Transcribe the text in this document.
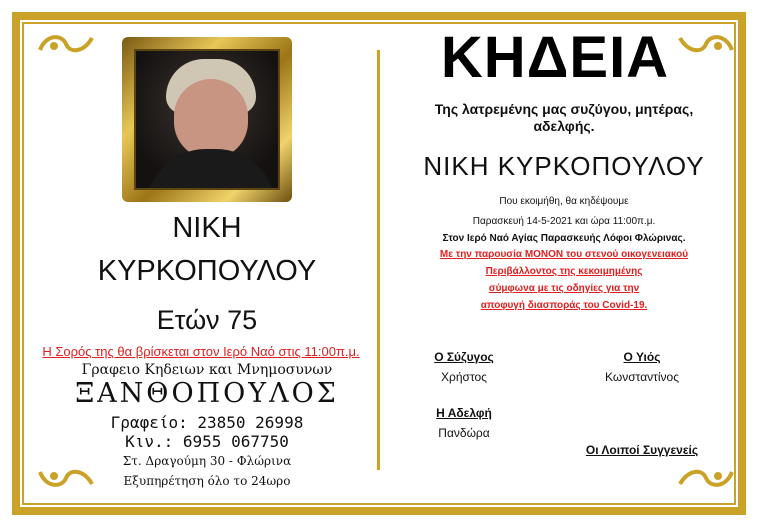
ΝΙΚΗ

ΚΥΡΚΟΠΟΥΛΟΥ

Ετών 75

Η Σορός της θα βρίσκεται στον Ιερό Ναό στις 11:00π.μ.

Γραφειο Κηδειων και Μνημοσυνων

ΞΑΝΘΟΠΟΥΛΟΣ

Γραφείο: 23850 26998

Κιν.: 6955 067750

Στ. Δραγούμη 30 - Φλώρινα

Εξυπηρέτηση όλο το 24ωρο

ΚΗΔΕΙΑ

Της λατρεμένης μας συζύγου, μητέρας,

αδελφής.

ΝΙΚΗ ΚΥΡΚΟΠΟΥΛΟΥ

Που εκοιμήθη, θα κηδέψουμε

Παρασκευή 14-5-2021 και ώρα 11:00π.μ.

Στον Ιερό Ναό Αγίας Παρασκευής Λόφοι Φλώρινας.

Με την παρουσία ΜΟΝΟΝ του στενού οικογενειακού

Περιβάλλοντος της κεκοιμημένης

σύμφωνα με τις οδηγίες για την

αποφυγή διασποράς του Covid-19.

Ο Σύζυγος

Χρήστος

Ο Υιός

Κωνσταντίνος

Η Αδελφή

Πανδώρα

Οι Λοιποί Συγγενείς
